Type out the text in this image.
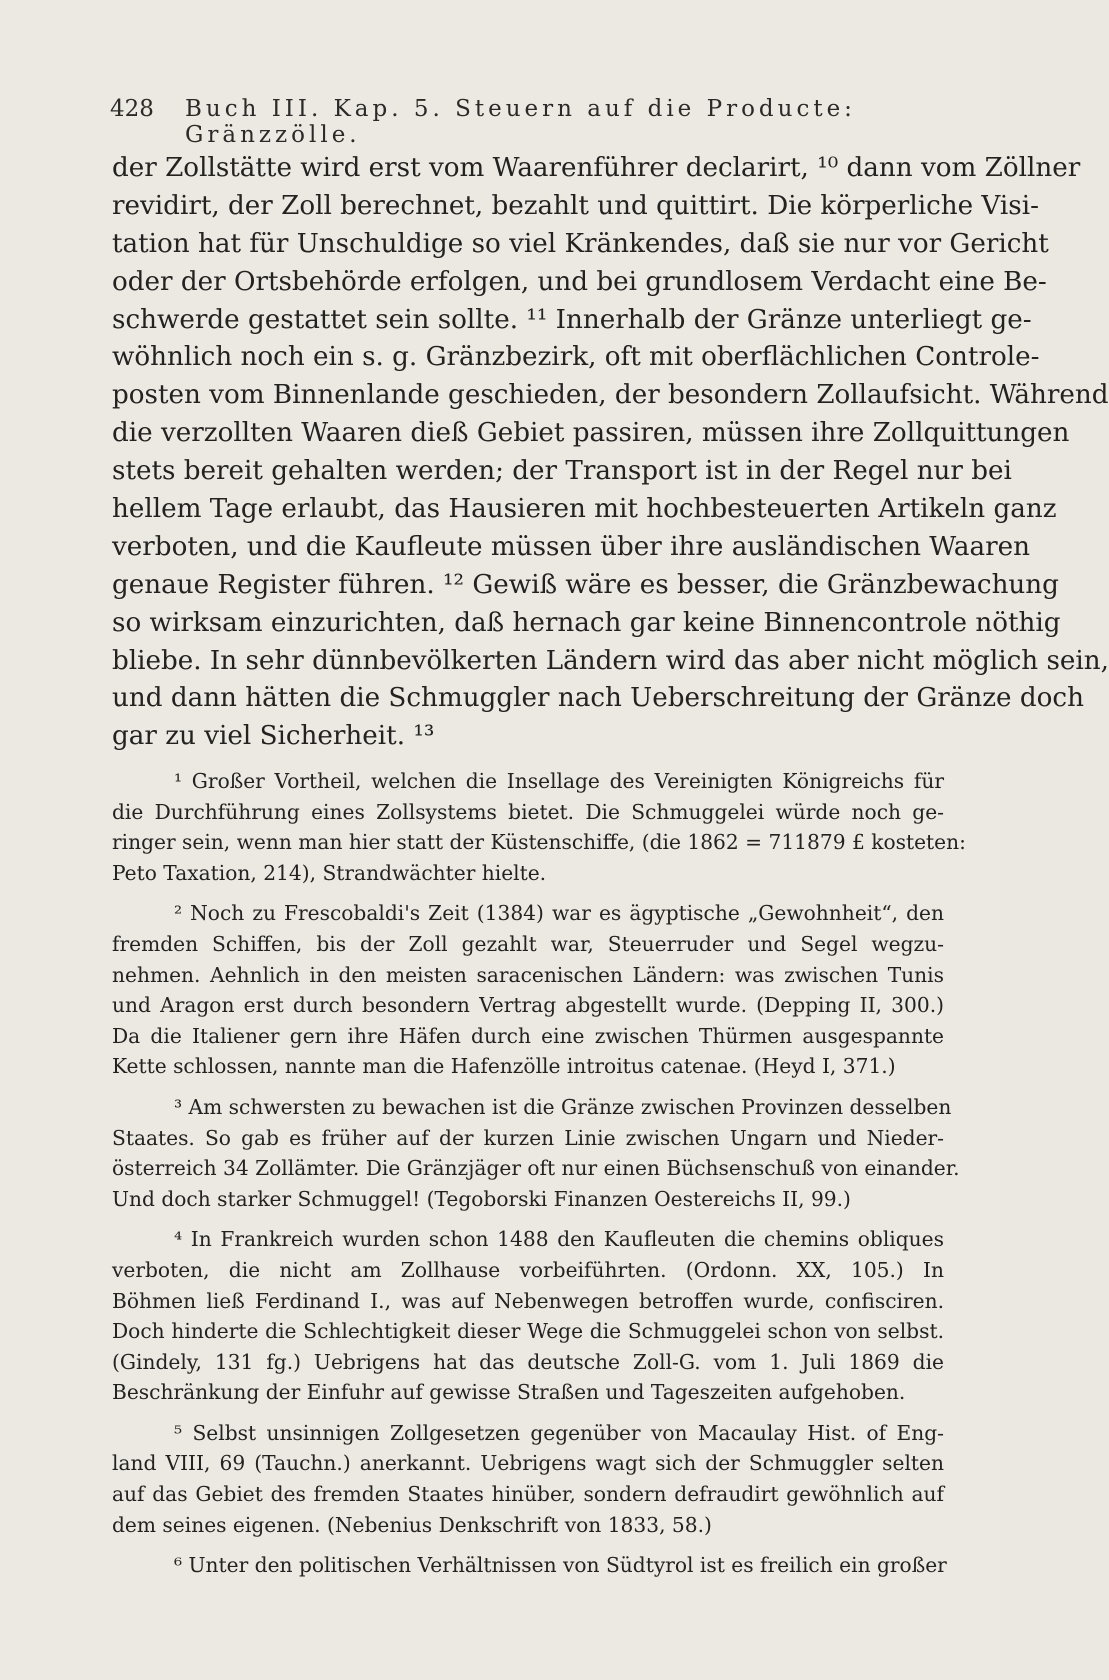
428 Buch III. Kap. 5. Steuern auf die Producte: Gränzzölle.
der Zollstätte wird erst vom Waarenführer declarirt, ¹⁰ dann vom Zöllner
revidirt, der Zoll berechnet, bezahlt und quittirt. Die körperliche Visi-
tation hat für Unschuldige so viel Kränkendes, daß sie nur vor Gericht
oder der Ortsbehörde erfolgen, und bei grundlosem Verdacht eine Be-
schwerde gestattet sein sollte. ¹¹ Innerhalb der Gränze unterliegt ge-
wöhnlich noch ein s. g. Gränzbezirk, oft mit oberflächlichen Controle-
posten vom Binnenlande geschieden, der besondern Zollaufsicht. Während
die verzollten Waaren dieß Gebiet passiren, müssen ihre Zollquittungen
stets bereit gehalten werden; der Transport ist in der Regel nur bei
hellem Tage erlaubt, das Hausieren mit hochbesteuerten Artikeln ganz
verboten, und die Kaufleute müssen über ihre ausländischen Waaren
genaue Register führen. ¹² Gewiß wäre es besser, die Gränzbewachung
so wirksam einzurichten, daß hernach gar keine Binnencontrole nöthig
bliebe. In sehr dünnbevölkerten Ländern wird das aber nicht möglich sein,
und dann hätten die Schmuggler nach Ueberschreitung der Gränze doch
gar zu viel Sicherheit. ¹³
¹ Großer Vortheil, welchen die Insellage des Vereinigten Königreichs für
die Durchführung eines Zollsystems bietet. Die Schmuggelei würde noch ge-
ringer sein, wenn man hier statt der Küstenschiffe, (die 1862 = 711879 £ kosteten:
Peto Taxation, 214), Strandwächter hielte.
² Noch zu Frescobaldi's Zeit (1384) war es ägyptische „Gewohnheit“, den
fremden Schiffen, bis der Zoll gezahlt war, Steuerruder und Segel wegzu-
nehmen. Aehnlich in den meisten saracenischen Ländern: was zwischen Tunis
und Aragon erst durch besondern Vertrag abgestellt wurde. (Depping II, 300.)
Da die Italiener gern ihre Häfen durch eine zwischen Thürmen ausgespannte
Kette schlossen, nannte man die Hafenzölle introitus catenae. (Heyd I, 371.)
³ Am schwersten zu bewachen ist die Gränze zwischen Provinzen desselben
Staates. So gab es früher auf der kurzen Linie zwischen Ungarn und Nieder-
österreich 34 Zollämter. Die Gränzjäger oft nur einen Büchsenschuß von einander.
Und doch starker Schmuggel! (Tegoborski Finanzen Oestereichs II, 99.)
⁴ In Frankreich wurden schon 1488 den Kaufleuten die chemins obliques
verboten, die nicht am Zollhause vorbeiführten. (Ordonn. XX, 105.) In
Böhmen ließ Ferdinand I., was auf Nebenwegen betroffen wurde, confisciren.
Doch hinderte die Schlechtigkeit dieser Wege die Schmuggelei schon von selbst.
(Gindely, 131 fg.) Uebrigens hat das deutsche Zoll-G. vom 1. Juli 1869 die
Beschränkung der Einfuhr auf gewisse Straßen und Tageszeiten aufgehoben.
⁵ Selbst unsinnigen Zollgesetzen gegenüber von Macaulay Hist. of Eng-
land VIII, 69 (Tauchn.) anerkannt. Uebrigens wagt sich der Schmuggler selten
auf das Gebiet des fremden Staates hinüber, sondern defraudirt gewöhnlich auf
dem seines eigenen. (Nebenius Denkschrift von 1833, 58.)
⁶ Unter den politischen Verhältnissen von Südtyrol ist es freilich ein großer
